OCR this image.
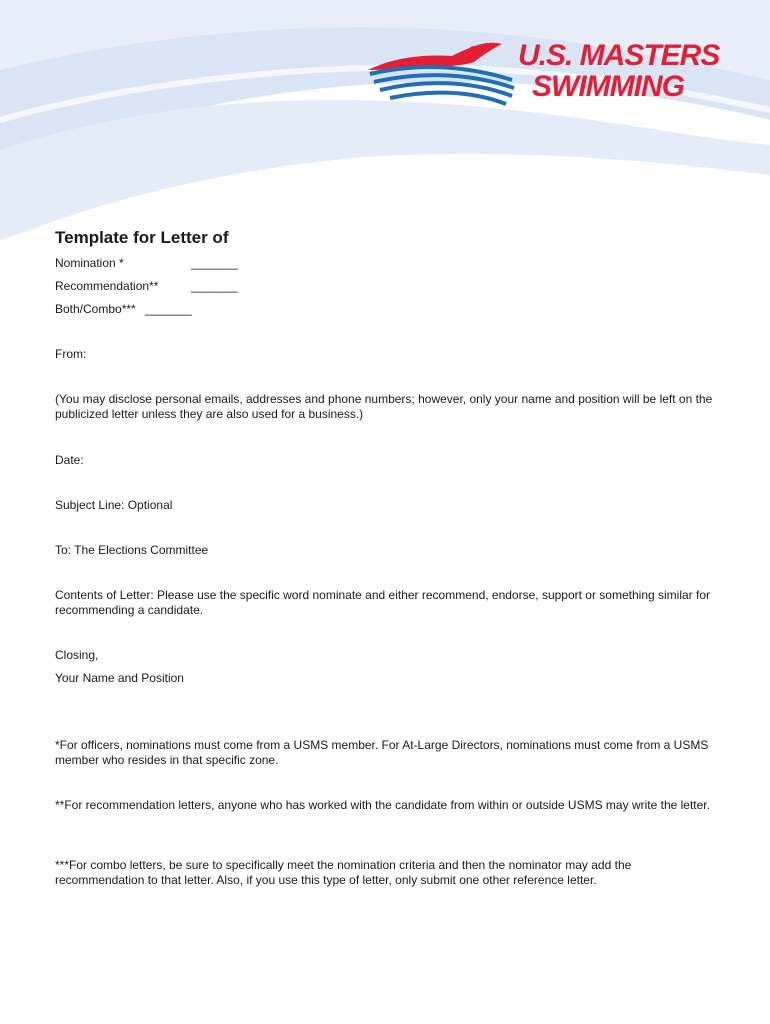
U.S. MASTERS
SWIMMING
Template for Letter of
Nomination *	_______
Recommendation**	_______
Both/Combo*** _______
From:
(You may disclose personal emails, addresses and phone numbers; however, only your name and position will be left on the publicized letter unless they are also used for a business.)
Date:
Subject Line: Optional
To: The Elections Committee
Contents of Letter: Please use the specific word nominate and either recommend, endorse, support or something similar for recommending a candidate.
Closing,
Your Name and Position
*For officers, nominations must come from a USMS member. For At-Large Directors, nominations must come from a USMS member who resides in that specific zone.
**For recommendation letters, anyone who has worked with the candidate from within or outside USMS may write the letter.
***For combo letters, be sure to specifically meet the nomination criteria and then the nominator may add the recommendation to that letter. Also, if you use this type of letter, only submit one other reference letter.
